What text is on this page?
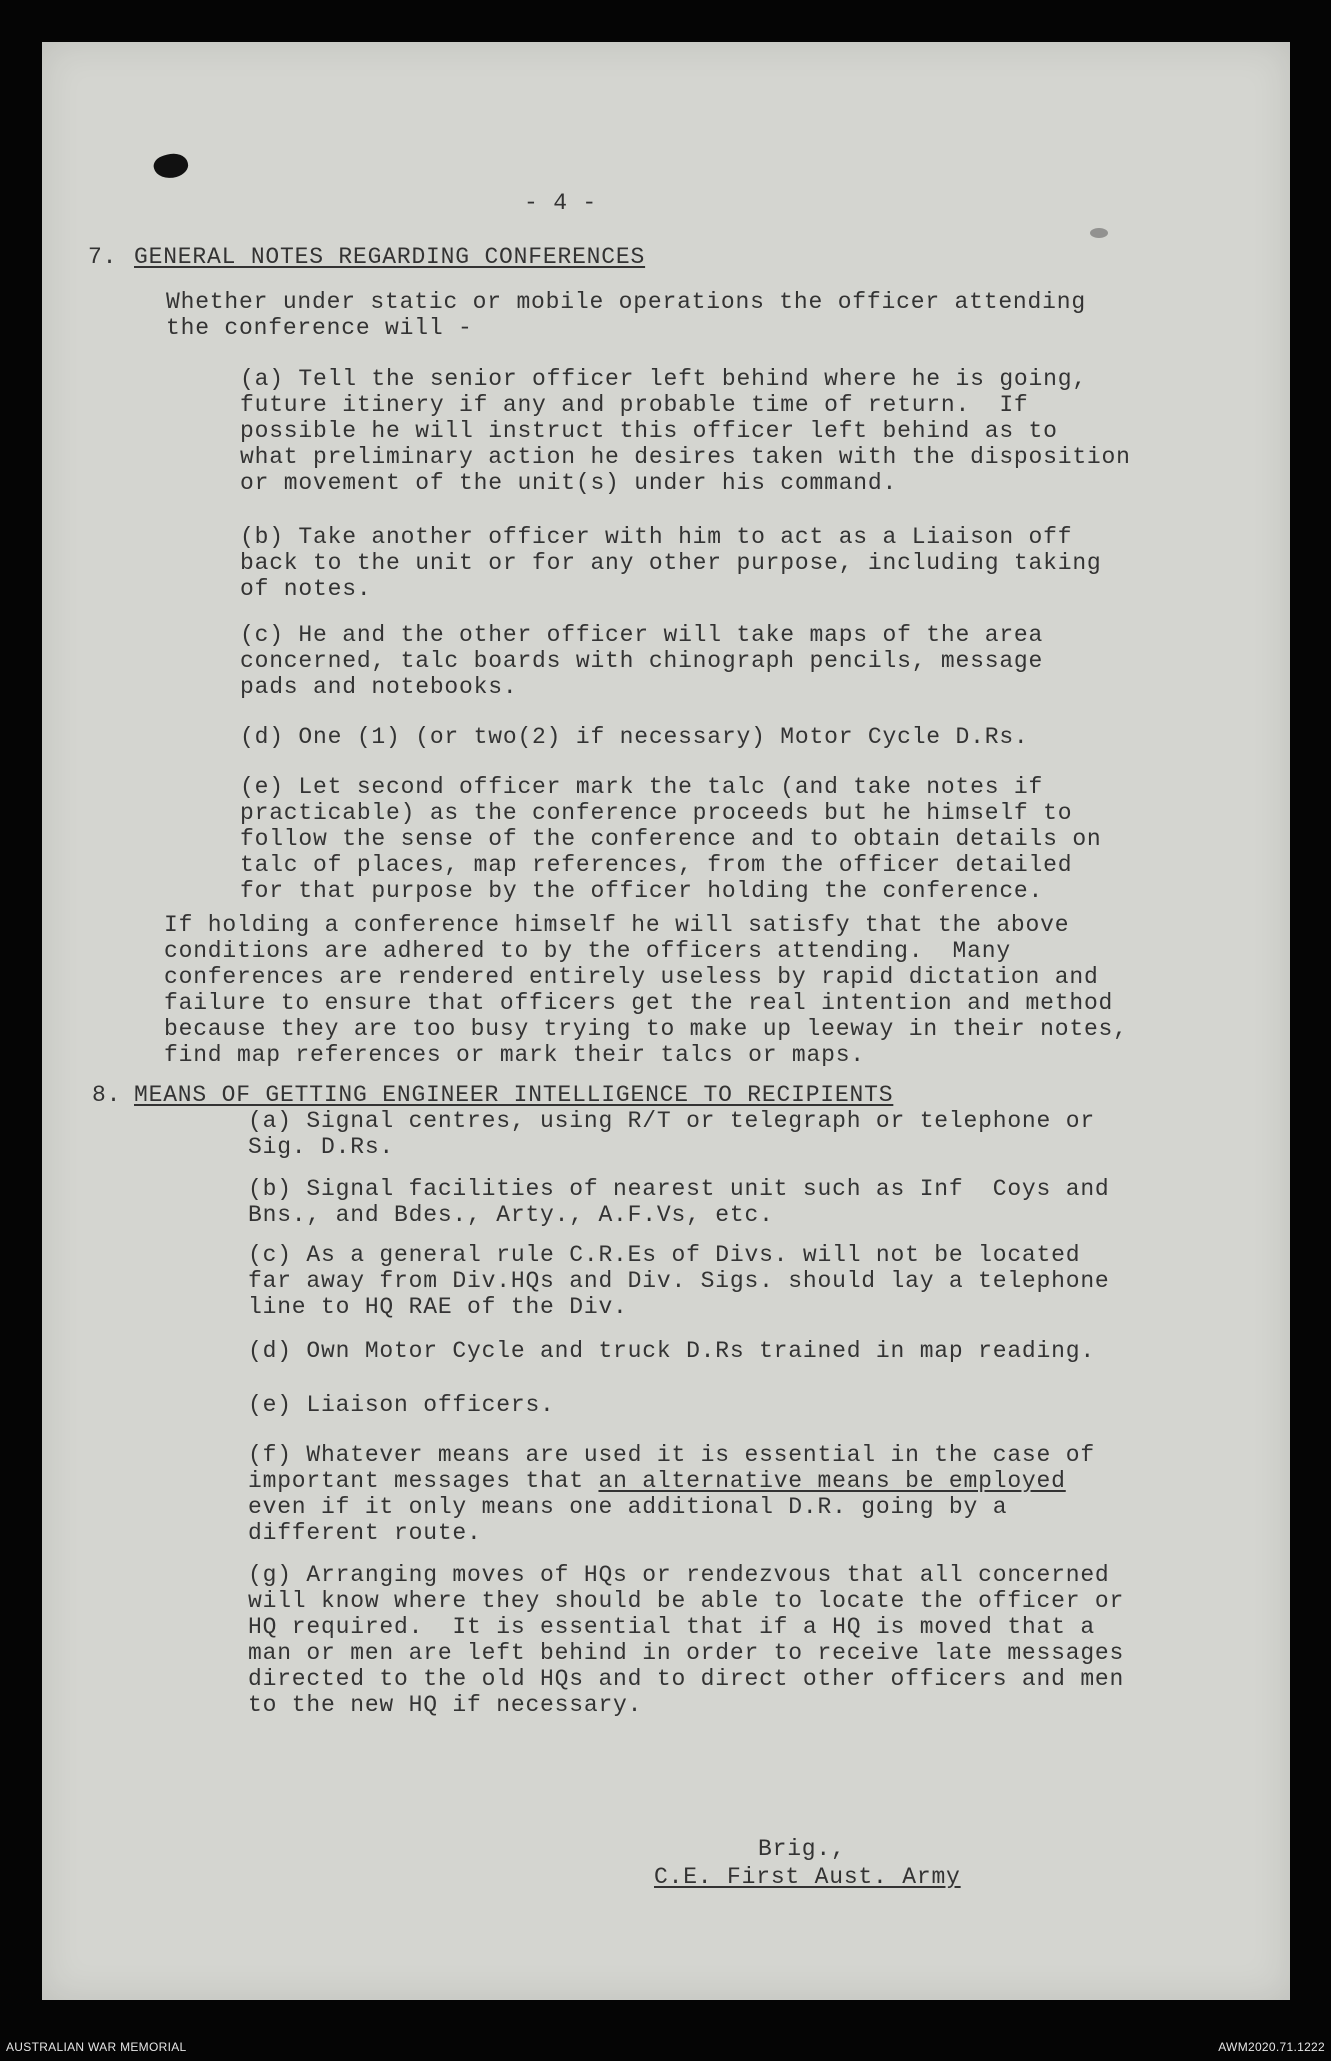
- 4 -
7. GENERAL NOTES REGARDING CONFERENCES
Whether under static or mobile operations the officer attending
the conference will -
(a) Tell the senior officer left behind where he is going,
future itinery if any and probable time of return.  If
possible he will instruct this officer left behind as to
what preliminary action he desires taken with the disposition
or movement of the unit(s) under his command.
(b) Take another officer with him to act as a Liaison off
back to the unit or for any other purpose, including taking
of notes.
(c) He and the other officer will take maps of the area
concerned, talc boards with chinograph pencils, message
pads and notebooks.
(d) One (1) (or two(2) if necessary) Motor Cycle D.Rs.
(e) Let second officer mark the talc (and take notes if
practicable) as the conference proceeds but he himself to
follow the sense of the conference and to obtain details on
talc of places, map references, from the officer detailed
for that purpose by the officer holding the conference.
If holding a conference himself he will satisfy that the above
conditions are adhered to by the officers attending.  Many
conferences are rendered entirely useless by rapid dictation and
failure to ensure that officers get the real intention and method
because they are too busy trying to make up leeway in their notes,
find map references or mark their talcs or maps.
8. MEANS OF GETTING ENGINEER INTELLIGENCE TO RECIPIENTS
(a) Signal centres, using R/T or telegraph or telephone or
Sig. D.Rs.
(b) Signal facilities of nearest unit such as Inf  Coys and
Bns., and Bdes., Arty., A.F.Vs, etc.
(c) As a general rule C.R.Es of Divs. will not be located
far away from Div.HQs and Div. Sigs. should lay a telephone
line to HQ RAE of the Div.
(d) Own Motor Cycle and truck D.Rs trained in map reading.
(e) Liaison officers.
(f) Whatever means are used it is essential in the case of
important messages that an alternative means be employed
even if it only means one additional D.R. going by a
different route.
(g) Arranging moves of HQs or rendezvous that all concerned
will know where they should be able to locate the officer or
HQ required.  It is essential that if a HQ is moved that a
man or men are left behind in order to receive late messages
directed to the old HQs and to direct other officers and men
to the new HQ if necessary.
Brig.,
C.E. First Aust. Army
AUSTRALIAN WAR MEMORIAL	AWM2020.71.1222
